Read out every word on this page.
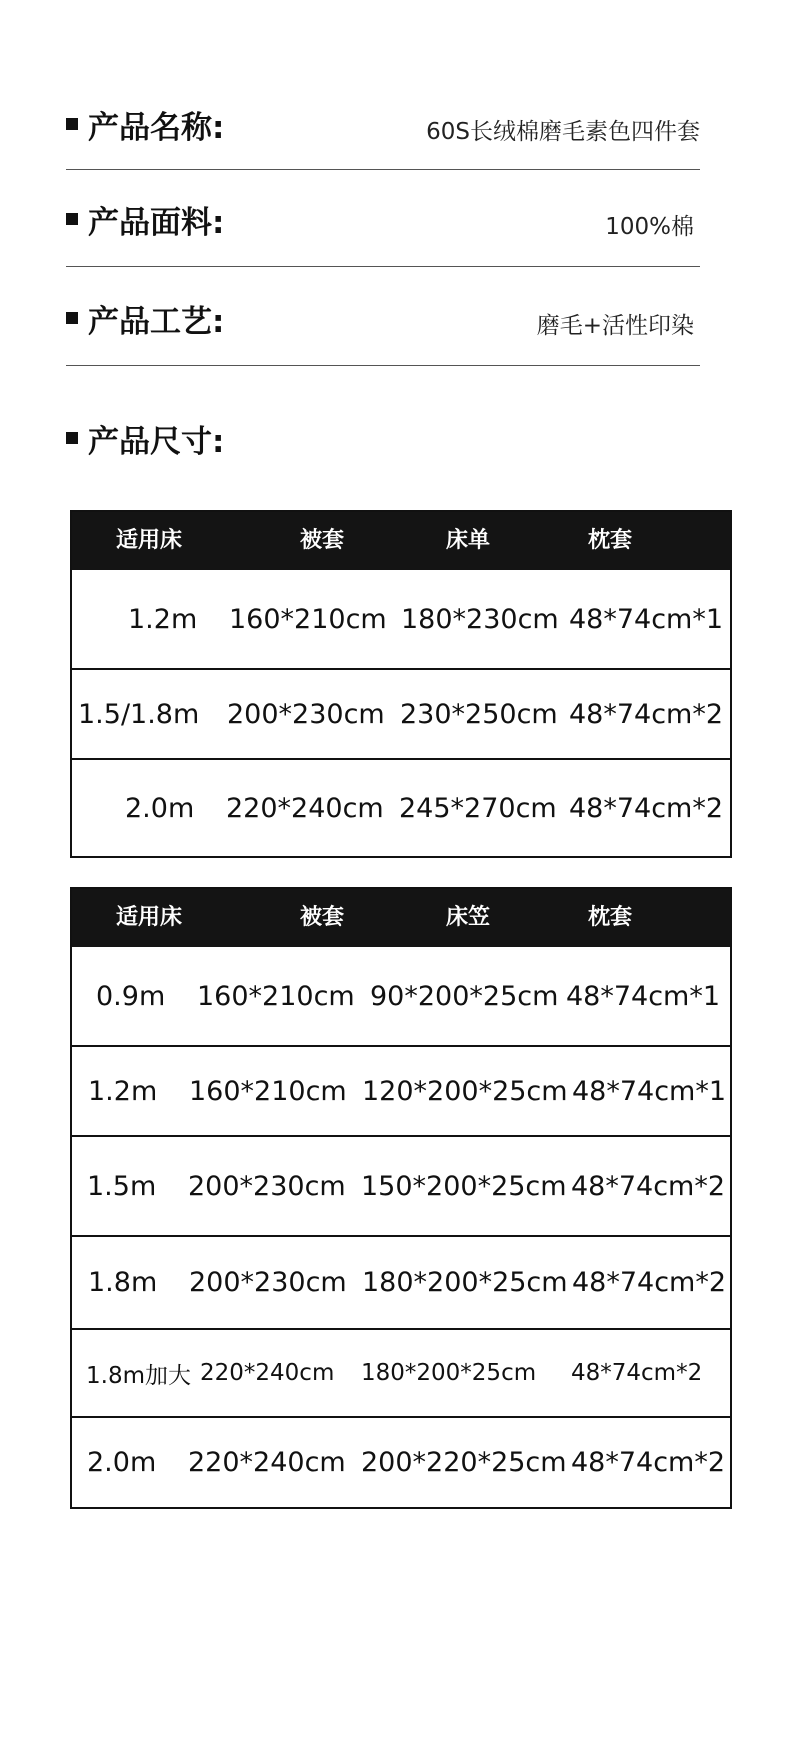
产品名称:	60S长绒棉磨毛素色四件套
产品面料:	100%棉
产品工艺:	磨毛+活性印染
产品尺寸:
适用床	被套	床单	枕套
1.2m 160*210cm 180*230cm 48*74cm*1
1.5/1.8m 200*230cm 230*250cm 48*74cm*2
2.0m 220*240cm 245*270cm 48*74cm*2
适用床	被套	床笠	枕套
0.9m 160*210cm 90*200*25cm 48*74cm*1
1.2m 160*210cm 120*200*25cm 48*74cm*1
1.5m 200*230cm 150*200*25cm 48*74cm*2
1.8m 200*230cm 180*200*25cm 48*74cm*2
1.8m加大 220*240cm 180*200*25cm 48*74cm*2
2.0m 220*240cm 200*220*25cm 48*74cm*2
